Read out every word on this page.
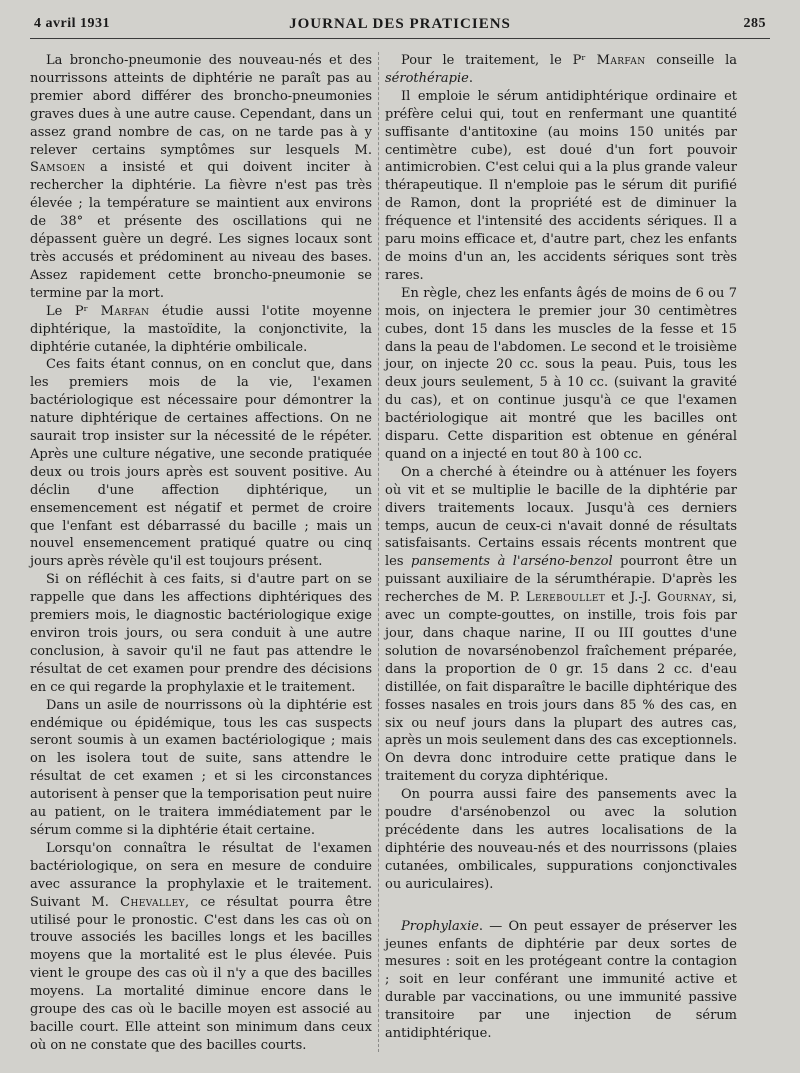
4 avril 1931	JOURNAL DES PRATICIENS	285

La broncho-pneumonie des nouveau-nés et des nourrissons atteints de diphtérie ne paraît pas au premier abord différer des broncho-pneumonies graves dues à une autre cause. Cependant, dans un assez grand nombre de cas, on ne tarde pas à y relever certains symptômes sur lesquels M. Samsoen a insisté et qui doivent inciter à rechercher la diphtérie. La fièvre n'est pas très élevée ; la température se maintient aux environs de 38° et présente des oscillations qui ne dépassent guère un degré. Les signes locaux sont très accusés et prédominent au niveau des bases. Assez rapidement cette broncho-pneumonie se termine par la mort.

Le Pʳ Marfan étudie aussi l'otite moyenne diphtérique, la mastoïdite, la conjonctivite, la diphtérie cutanée, la diphtérie ombilicale.

Ces faits étant connus, on en conclut que, dans les premiers mois de la vie, l'examen bactériologique est nécessaire pour démontrer la nature diphtérique de certaines affections. On ne saurait trop insister sur la nécessité de le répéter. Après une culture négative, une seconde pratiquée deux ou trois jours après est souvent positive. Au déclin d'une affection diphtérique, un ensemencement est négatif et permet de croire que l'enfant est débarrassé du bacille ; mais un nouvel ensemencement pratiqué quatre ou cinq jours après révèle qu'il est toujours présent.

Si on réfléchit à ces faits, si d'autre part on se rappelle que dans les affections diphtériques des premiers mois, le diagnostic bactériologique exige environ trois jours, ou sera conduit à une autre conclusion, à savoir qu'il ne faut pas attendre le résultat de cet examen pour prendre des décisions en ce qui regarde la prophylaxie et le traitement.

Dans un asile de nourrissons où la diphtérie est endémique ou épidémique, tous les cas suspects seront soumis à un examen bactériologique ; mais on les isolera tout de suite, sans attendre le résultat de cet examen ; et si les circonstances autorisent à penser que la temporisation peut nuire au patient, on le traitera immédiatement par le sérum comme si la diphtérie était certaine.

Lorsqu'on connaîtra le résultat de l'examen bactériologique, on sera en mesure de conduire avec assurance la prophylaxie et le traitement. Suivant M. Chevalley, ce résultat pourra être utilisé pour le pronostic. C'est dans les cas où on trouve associés les bacilles longs et les bacilles moyens que la mortalité est le plus élevée. Puis vient le groupe des cas où il n'y a que des bacilles moyens. La mortalité diminue encore dans le groupe des cas où le bacille moyen est associé au bacille court. Elle atteint son minimum dans ceux où on ne constate que des bacilles courts.

Pour le traitement, le Pʳ Marfan conseille la sérothérapie.

Il emploie le sérum antidiphtérique ordinaire et préfère celui qui, tout en renfermant une quantité suffisante d'antitoxine (au moins 150 unités par centimètre cube), est doué d'un fort pouvoir antimicrobien. C'est celui qui a la plus grande valeur thérapeutique. Il n'emploie pas le sérum dit purifié de Ramon, dont la propriété est de diminuer la fréquence et l'intensité des accidents sériques. Il a paru moins efficace et, d'autre part, chez les enfants de moins d'un an, les accidents sériques sont très rares.

En règle, chez les enfants âgés de moins de 6 ou 7 mois, on injectera le premier jour 30 centimètres cubes, dont 15 dans les muscles de la fesse et 15 dans la peau de l'abdomen. Le second et le troisième jour, on injecte 20 cc. sous la peau. Puis, tous les deux jours seulement, 5 à 10 cc. (suivant la gravité du cas), et on continue jusqu'à ce que l'examen bactériologique ait montré que les bacilles ont disparu. Cette disparition est obtenue en général quand on a injecté en tout 80 à 100 cc.

On a cherché à éteindre ou à atténuer les foyers où vit et se multiplie le bacille de la diphtérie par divers traitements locaux. Jusqu'à ces derniers temps, aucun de ceux-ci n'avait donné de résultats satisfaisants. Certains essais récents montrent que les pansements à l'arséno-benzol pourront être un puissant auxiliaire de la sérumthérapie. D'après les recherches de M. P. Lereboullet et J.-J. Gournay, si, avec un compte-gouttes, on instille, trois fois par jour, dans chaque narine, II ou III gouttes d'une solution de novarsénobenzol fraîchement préparée, dans la proportion de 0 gr. 15 dans 2 cc. d'eau distillée, on fait disparaître le bacille diphtérique des fosses nasales en trois jours dans 85 % des cas, en six ou neuf jours dans la plupart des autres cas, après un mois seulement dans des cas exceptionnels. On devra donc introduire cette pratique dans le traitement du coryza diphtérique.

On pourra aussi faire des pansements avec la poudre d'arsénobenzol ou avec la solution précédente dans les autres localisations de la diphtérie des nouveau-nés et des nourrissons (plaies cutanées, ombilicales, suppurations conjonctivales ou auriculaires).

Prophylaxie. — On peut essayer de préserver les jeunes enfants de diphtérie par deux sortes de mesures : soit en les protégeant contre la contagion ; soit en leur conférant une immunité active et durable par vaccinations, ou une immunité passive transitoire par une injection de sérum antidiphtérique.
